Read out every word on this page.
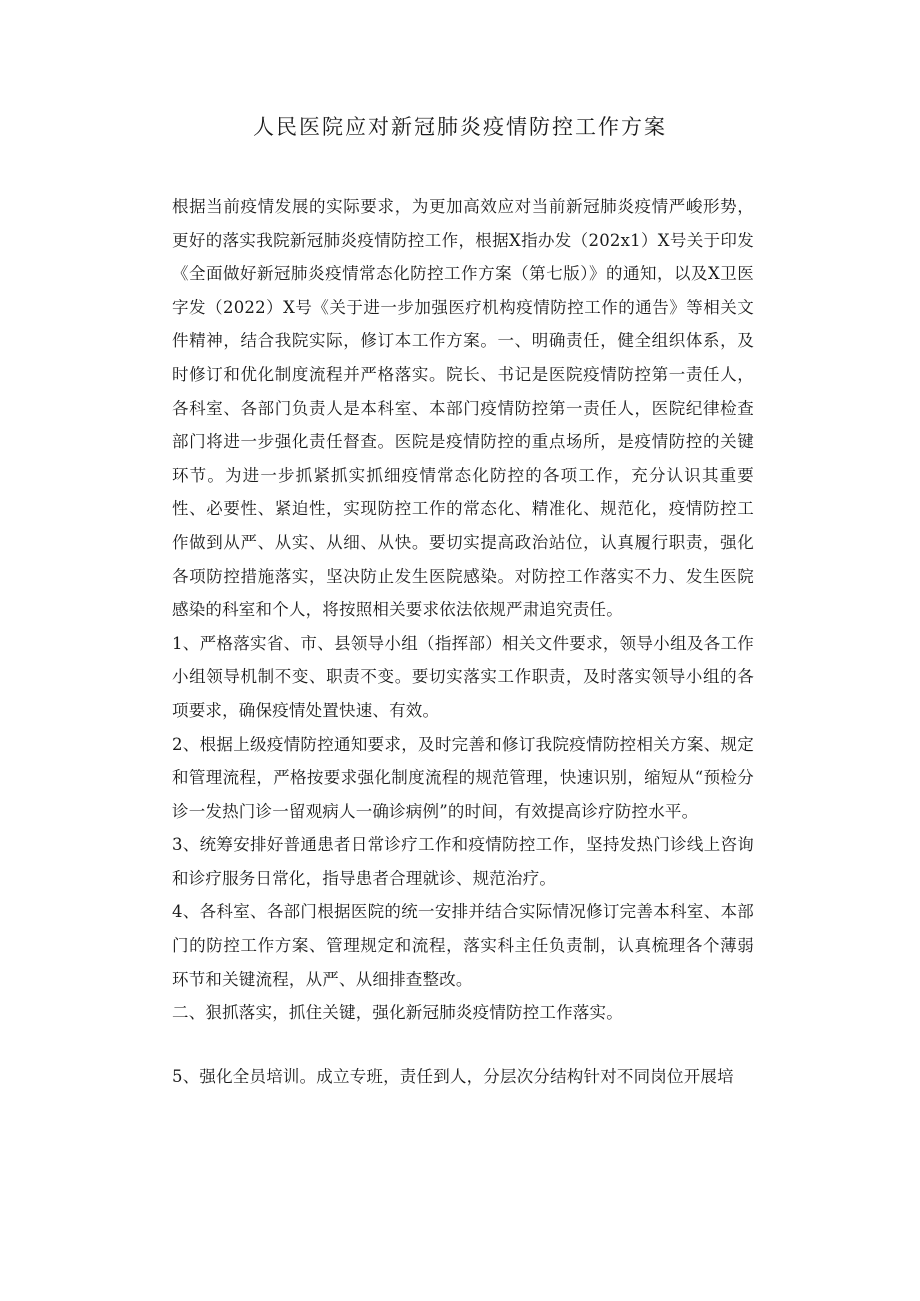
人民医院应对新冠肺炎疫情防控工作方案

根据当前疫情发展的实际要求，为更加高效应对当前新冠肺炎疫情严峻形势，更好的落实我院新冠肺炎疫情防控工作，根据X指办发（202x1）X号关于印发《全面做好新冠肺炎疫情常态化防控工作方案（第七版）》的通知，以及X卫医字发（2022）X号《关于进一步加强医疗机构疫情防控工作的通告》等相关文件精神，结合我院实际，修订本工作方案。一、明确责任，健全组织体系，及时修订和优化制度流程并严格落实。院长、书记是医院疫情防控第一责任人，各科室、各部门负责人是本科室、本部门疫情防控第一责任人，医院纪律检查部门将进一步强化责任督查。医院是疫情防控的重点场所，是疫情防控的关键环节。为进一步抓紧抓实抓细疫情常态化防控的各项工作，充分认识其重要性、必要性、紧迫性，实现防控工作的常态化、精准化、规范化，疫情防控工作做到从严、从实、从细、从快。要切实提高政治站位，认真履行职责，强化各项防控措施落实，坚决防止发生医院感染。对防控工作落实不力、发生医院感染的科室和个人，将按照相关要求依法依规严肃追究责任。

1、严格落实省、市、县领导小组（指挥部）相关文件要求，领导小组及各工作小组领导机制不变、职责不变。要切实落实工作职责，及时落实领导小组的各项要求，确保疫情处置快速、有效。

2、根据上级疫情防控通知要求，及时完善和修订我院疫情防控相关方案、规定和管理流程，严格按要求强化制度流程的规范管理，快速识别，缩短从“预检分诊一发热门诊一留观病人一确诊病例”的时间，有效提高诊疗防控水平。

3、统筹安排好普通患者日常诊疗工作和疫情防控工作，坚持发热门诊线上咨询和诊疗服务日常化，指导患者合理就诊、规范治疗。

4、各科室、各部门根据医院的统一安排并结合实际情况修订完善本科室、本部门的防控工作方案、管理规定和流程，落实科主任负责制，认真梳理各个薄弱环节和关键流程，从严、从细排查整改。

二、狠抓落实，抓住关键，强化新冠肺炎疫情防控工作落实。

5、强化全员培训。成立专班，责任到人，分层次分结构针对不同岗位开展培
